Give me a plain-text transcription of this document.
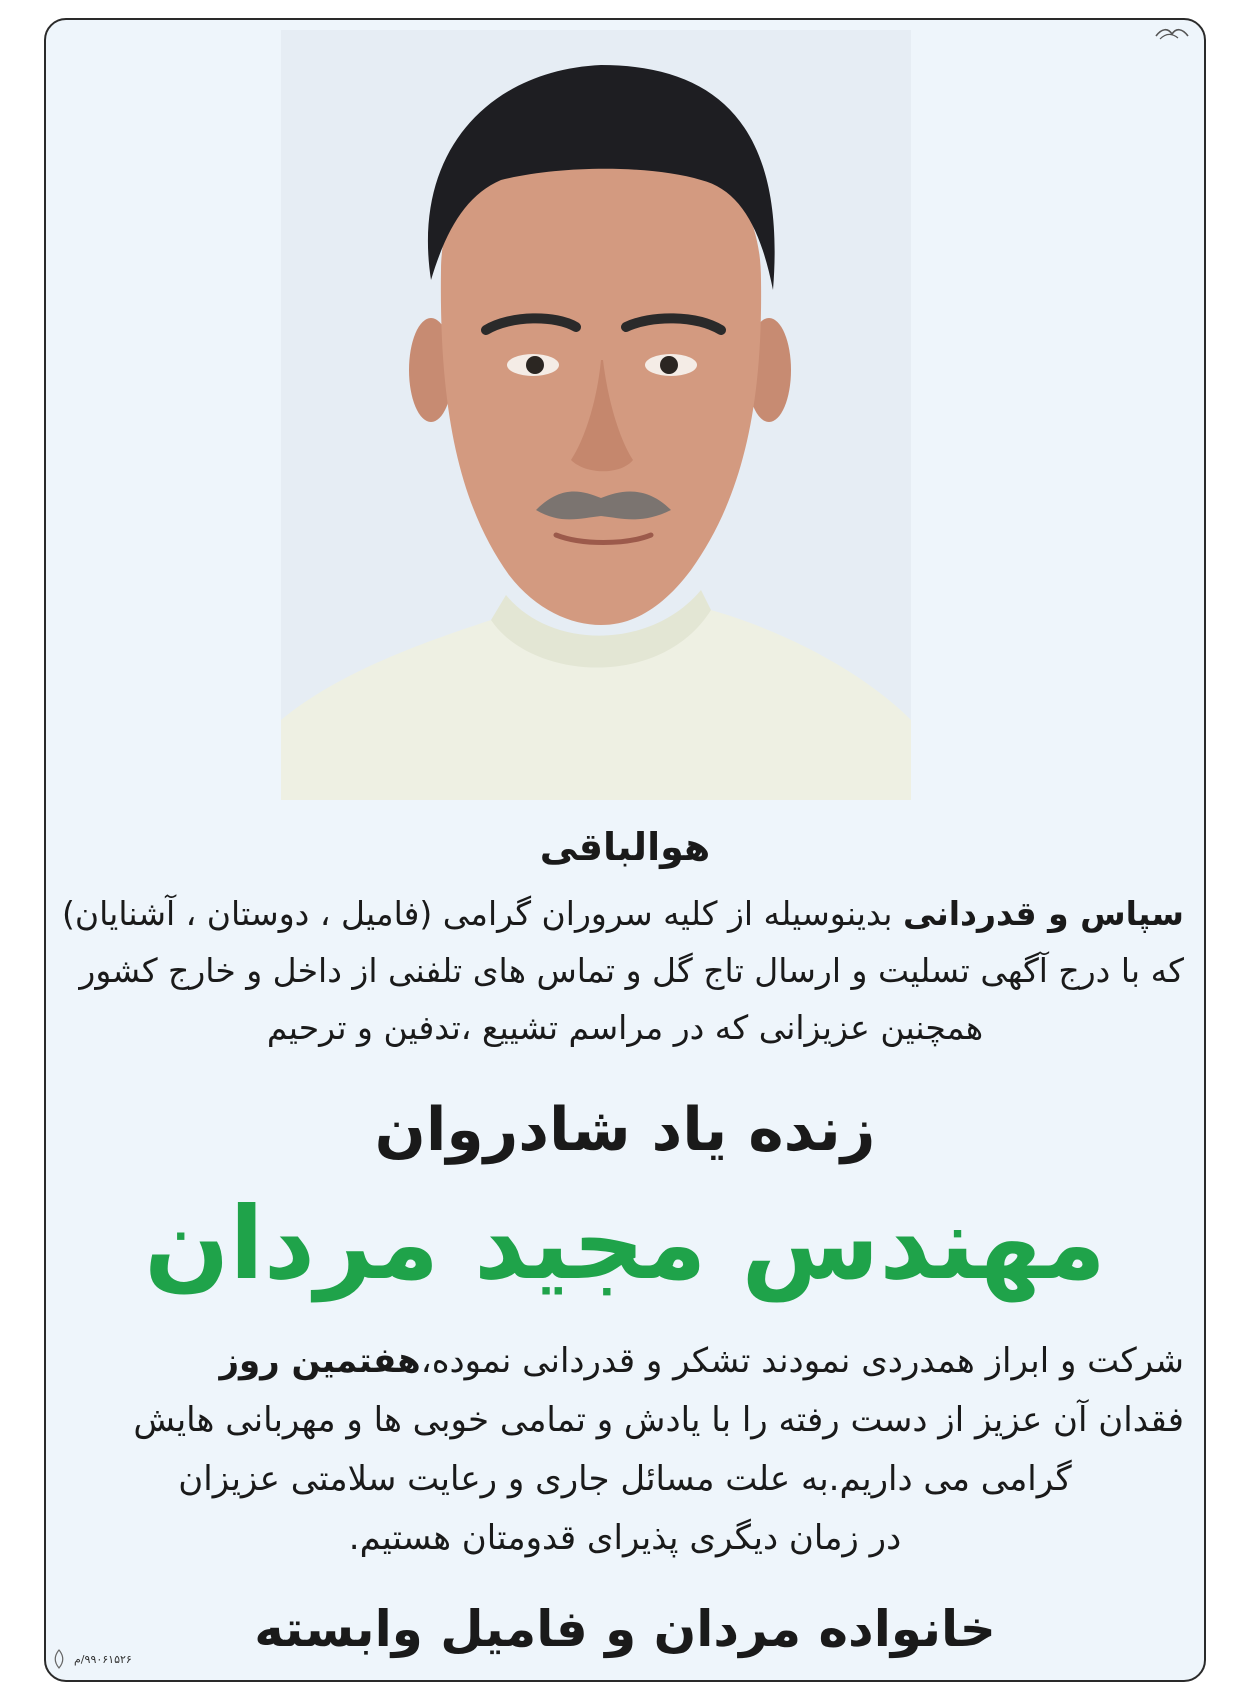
هوالباقی
سپاس و قدردانی بدینوسیله از کلیه سروران گرامی (فامیل ، دوستان ، آشنایان)
که با درج آگهی تسلیت و ارسال تاج گل و تماس های تلفنی از داخل و خارج کشور
همچنین عزیزانی که در مراسم تشییع ،تدفین و ترحیم
زنده یاد شادروان
مهندس مجید مردان
شرکت و ابراز همدردی نمودند تشکر و قدردانی نموده،هفتمین روز
فقدان آن عزیز از دست رفته را با یادش و تمامی خوبی ها و مهربانی هایش
گرامی می داریم.به علت مسائل جاری و رعایت سلامتی عزیزان
در زمان دیگری پذیرای قدومتان هستیم.
خانواده مردان و فامیل وابسته
۹۹۰۶۱۵۲۶/م
